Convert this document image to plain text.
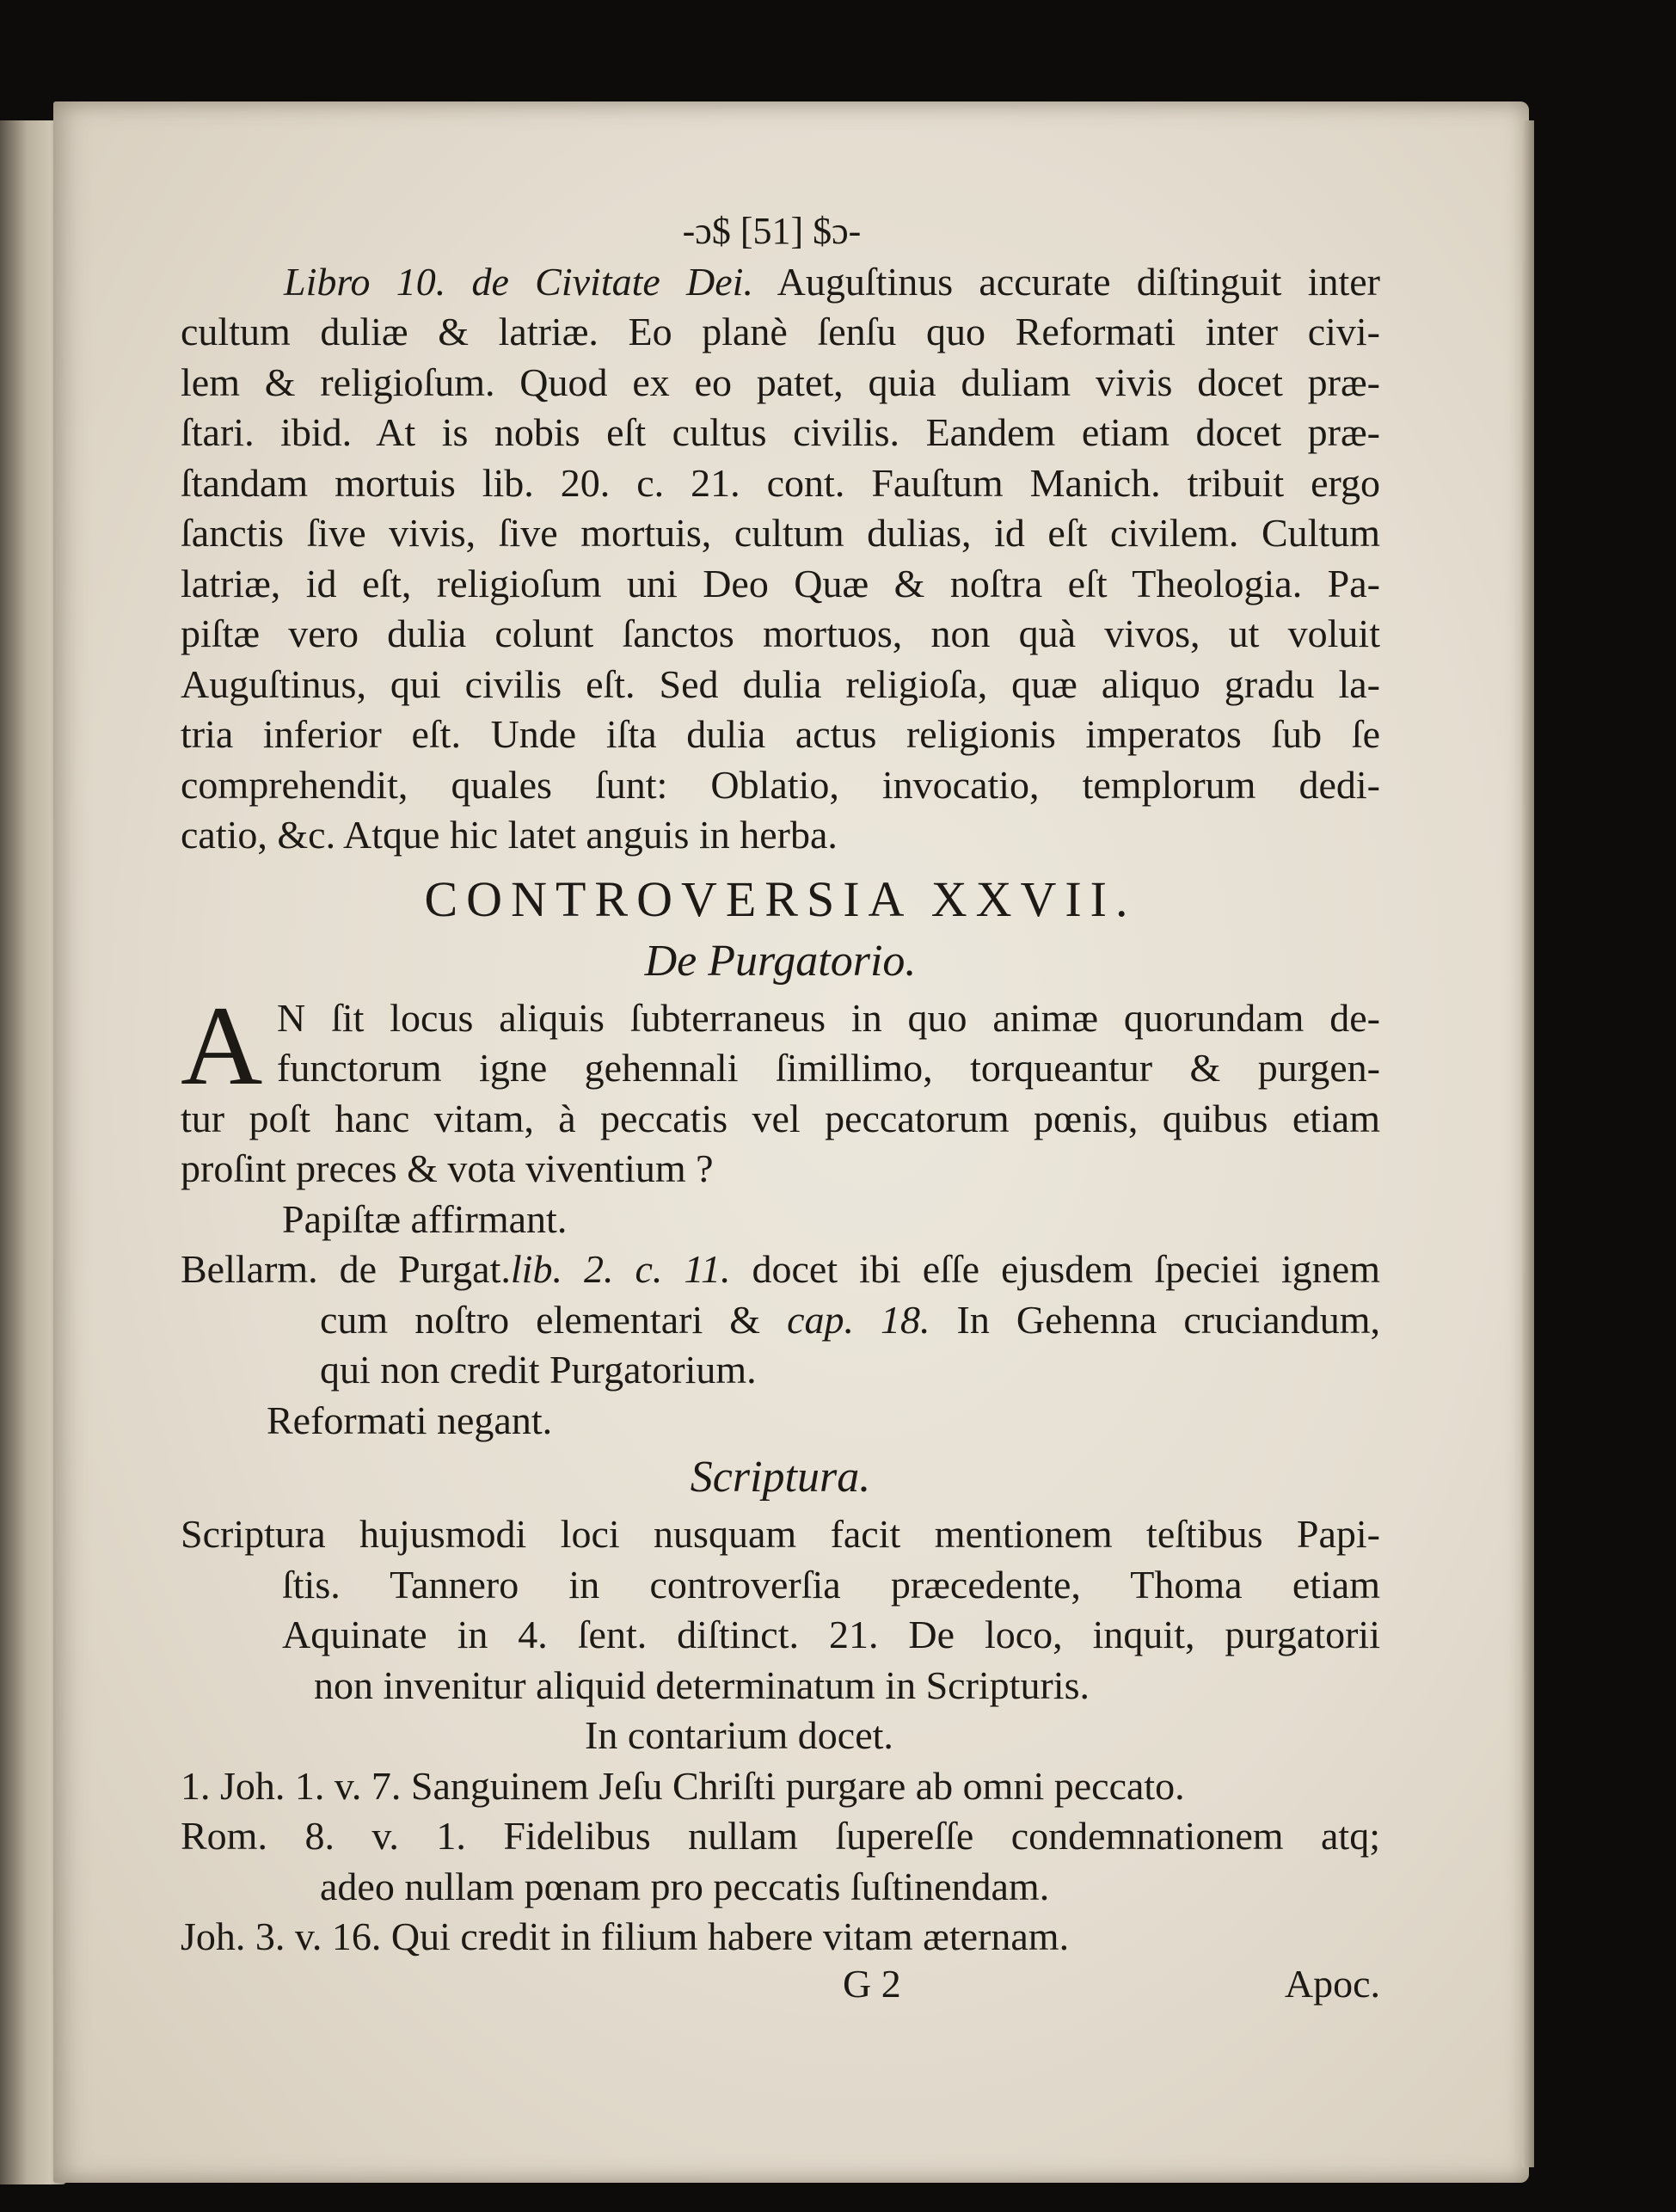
-ɔ$ [51] $ɔ-
Libro 10. de Civitate Dei. Auguſtinus accurate diſtinguit inter
cultum duliæ & latriæ. Eo planè ſenſu quo Reformati inter civi-
lem & religioſum. Quod ex eo patet, quia duliam vivis docet præ-
ſtari. ibid. At is nobis eſt cultus civilis. Eandem etiam docet præ-
ſtandam mortuis lib. 20. c. 21. cont. Fauſtum Manich. tribuit ergo
ſanctis ſive vivis, ſive mortuis, cultum dulias, id eſt civilem. Cultum
latriæ, id eſt, religioſum uni Deo Quæ & noſtra eſt Theologia. Pa-
piſtæ vero dulia colunt ſanctos mortuos, non quà vivos, ut voluit
Auguſtinus, qui civilis eſt. Sed dulia religioſa, quæ aliquo gradu la-
tria inferior eſt. Unde iſta dulia actus religionis imperatos ſub ſe
comprehendit, quales ſunt: Oblatio, invocatio, templorum dedi-
catio, &c. Atque hic latet anguis in herba.
CONTROVERSIA XXVII.
De Purgatorio.
A N ſit locus aliquis ſubterraneus in quo animæ quorundam de-
functorum igne gehennali ſimillimo, torqueantur & purgen-
tur poſt hanc vitam, à peccatis vel peccatorum pœnis, quibus etiam
proſint preces & vota viventium ?
Papiſtæ affirmant.
Bellarm. de Purgat.lib. 2. c. 11. docet ibi eſſe ejusdem ſpeciei ignem
cum noſtro elementari & cap. 18. In Gehenna cruciandum,
qui non credit Purgatorium.
Reformati negant.
Scriptura.
Scriptura hujusmodi loci nusquam facit mentionem teſtibus Papi-
ſtis. Tannero in controverſia præcedente, Thoma etiam
Aquinate in 4. ſent. diſtinct. 21. De loco, inquit, purgatorii
non invenitur aliquid determinatum in Scripturis.
In contarium docet.
1. Joh. 1. v. 7. Sanguinem Jeſu Chriſti purgare ab omni peccato.
Rom. 8. v. 1. Fidelibus nullam ſupereſſe condemnationem atq;
adeo nullam pœnam pro peccatis ſuſtinendam.
Joh. 3. v. 16. Qui credit in filium habere vitam æternam.
G 2	Apoc.
